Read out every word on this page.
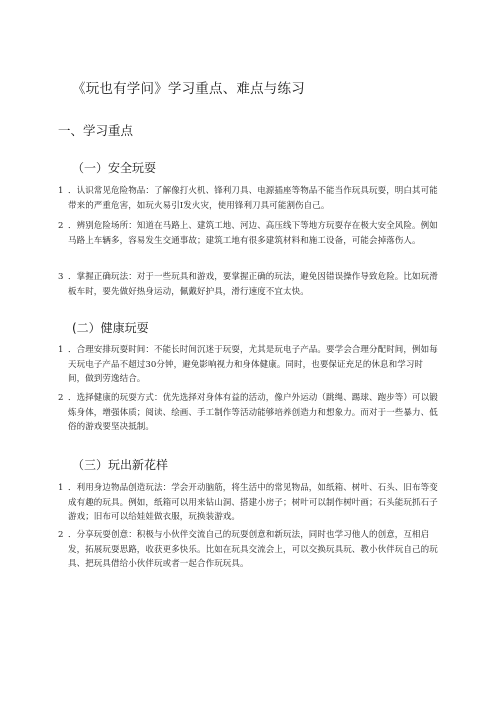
《玩也有学问》学习重点、难点与练习
一、学习重点
（一）安全玩耍
1 ．认识常见危险物品：了解像打火机、锋利刀具、电源插座等物品不能当作玩具玩耍，明白其可能带来的严重危害，如玩火易引I发火灾，使用锋利刀具可能割伤自己。
2 ．辨别危险场所：知道在马路上、建筑工地、河边、高压线下等地方玩耍存在极大安全风险。例如马路上车辆多，容易发生交通事故；建筑工地有很多建筑材料和施工设备，可能会掉落伤人。
3 ．掌握正确玩法：对于一些玩具和游戏，要掌握正确的玩法，避免因错误操作导致危险。比如玩滑板车时，要先做好热身运动，佩戴好护具，滑行速度不宜太快。
(二）健康玩耍
1 ．合理安排玩耍时间：不能长时间沉迷于玩耍，尤其是玩电子产品。要学会合理分配时间，例如每天玩电子产品不超过30分钟，避免影响视力和身体健康。同时，也要保证充足的休息和学习时间，做到劳逸结合。
2 ．选择健康的玩耍方式：优先选择对身体有益的活动，像户外运动（跳绳、踢球、跑步等）可以锻炼身体，增强体质；阅读、绘画、手工制作等活动能够培养创造力和想象力。而对于一些暴力、低俗的游戏要坚决抵制。
（三）玩出新花样
1 ．利用身边物品创造玩法：学会开动脑筋，将生活中的常见物品，如纸箱、树叶、石头、旧布等变成有趣的玩具。例如，纸箱可以用来钻山洞、搭建小房子；树叶可以制作树叶画；石头能玩抓石子游戏；旧布可以给娃娃做衣服，玩换装游戏。
2 ．分享玩耍创意：积极与小伙伴交流自己的玩耍创意和新玩法，同时也学习他人的创意，互相启发，拓展玩耍思路，收获更多快乐。比如在玩具交流会上，可以交换玩具玩、教小伙伴玩自己的玩具、把玩具借给小伙伴玩或者一起合作玩玩具。
